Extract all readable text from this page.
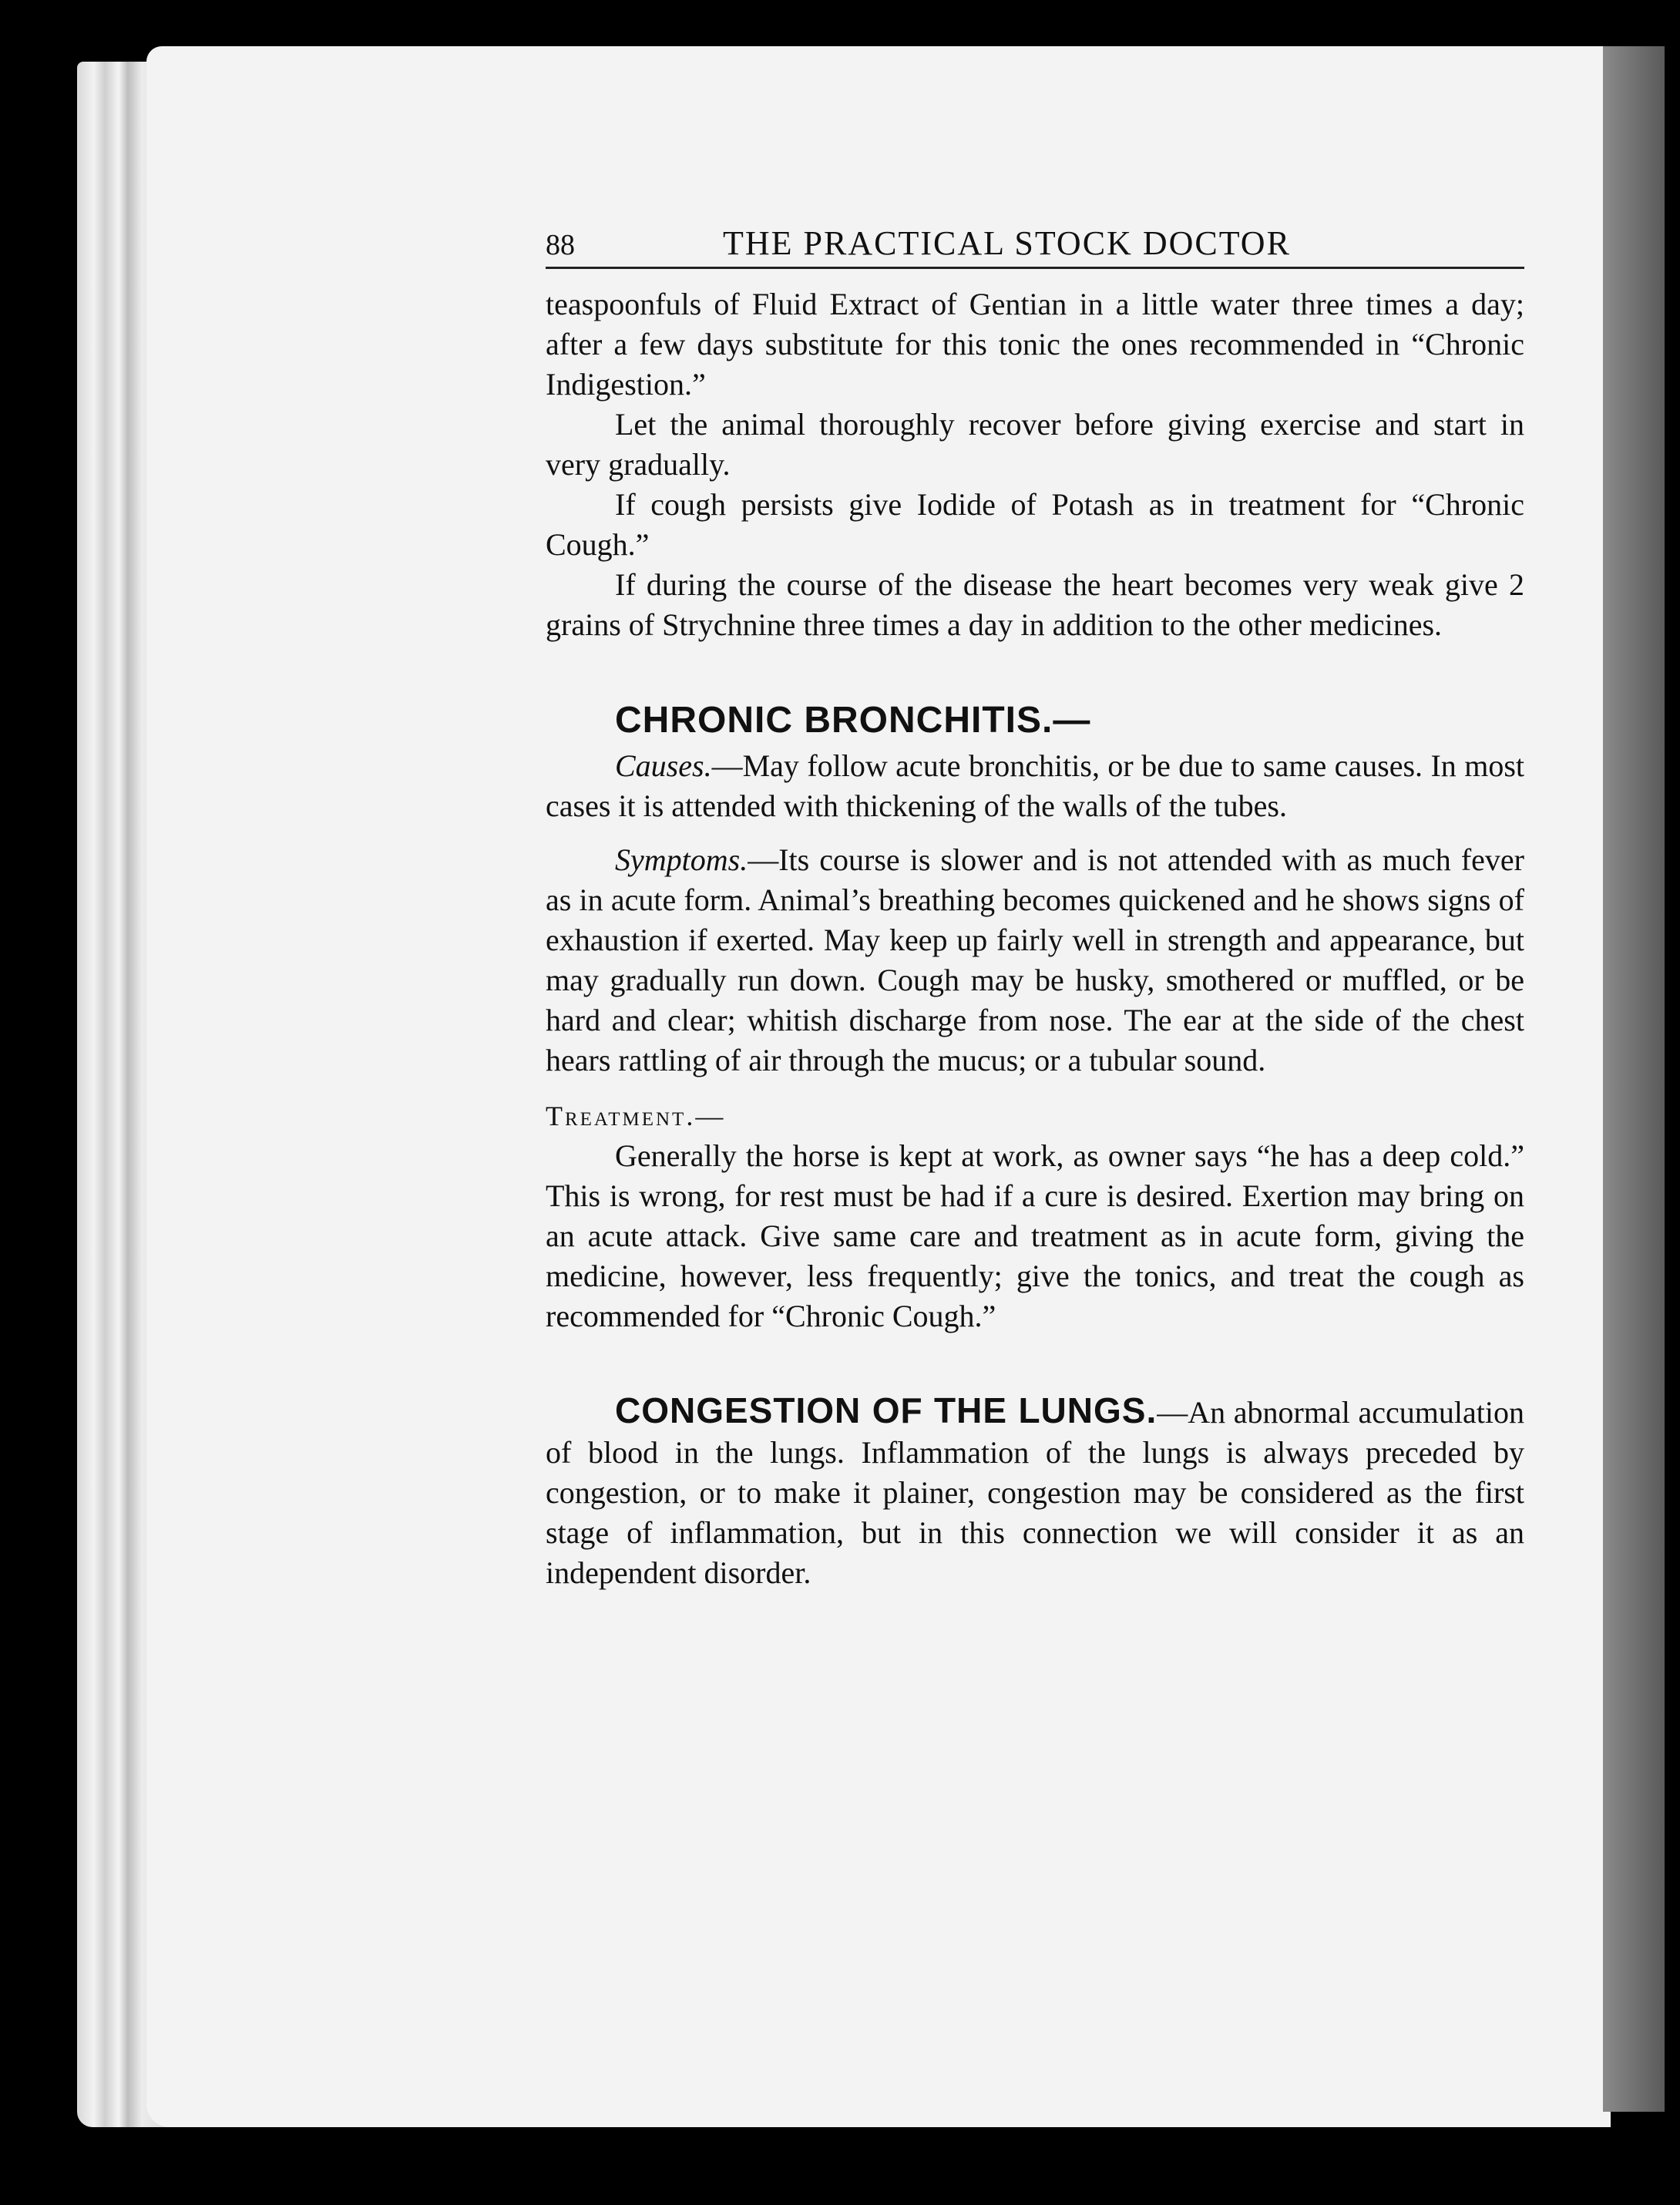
88	THE PRACTICAL STOCK DOCTOR

teaspoonfuls of Fluid Extract of Gentian in a little water three times a day; after a few days substitute for this tonic the ones recommended in “Chronic Indigestion.”

Let the animal thoroughly recover before giving exercise and start in very gradually.

If cough persists give Iodide of Potash as in treatment for “Chronic Cough.”

If during the course of the disease the heart becomes very weak give 2 grains of Strychnine three times a day in addition to the other medicines.

CHRONIC BRONCHITIS.—

Causes.—May follow acute bronchitis, or be due to same causes. In most cases it is attended with thickening of the walls of the tubes.

Symptoms.—Its course is slower and is not attended with as much fever as in acute form. Animal’s breathing becomes quickened and he shows signs of exhaustion if exerted. May keep up fairly well in strength and appearance, but may gradually run down. Cough may be husky, smothered or muffled, or be hard and clear; whitish discharge from nose. The ear at the side of the chest hears rattling of air through the mucus; or a tubular sound.

Treatment.—

Generally the horse is kept at work, as owner says “he has a deep cold.” This is wrong, for rest must be had if a cure is desired. Exertion may bring on an acute attack. Give same care and treatment as in acute form, giving the medicine, however, less frequently; give the tonics, and treat the cough as recommended for “Chronic Cough.”

CONGESTION OF THE LUNGS.—An abnormal accumulation of blood in the lungs. Inflammation of the lungs is always preceded by congestion, or to make it plainer, congestion may be considered as the first stage of inflammation, but in this connection we will consider it as an independent disorder.
